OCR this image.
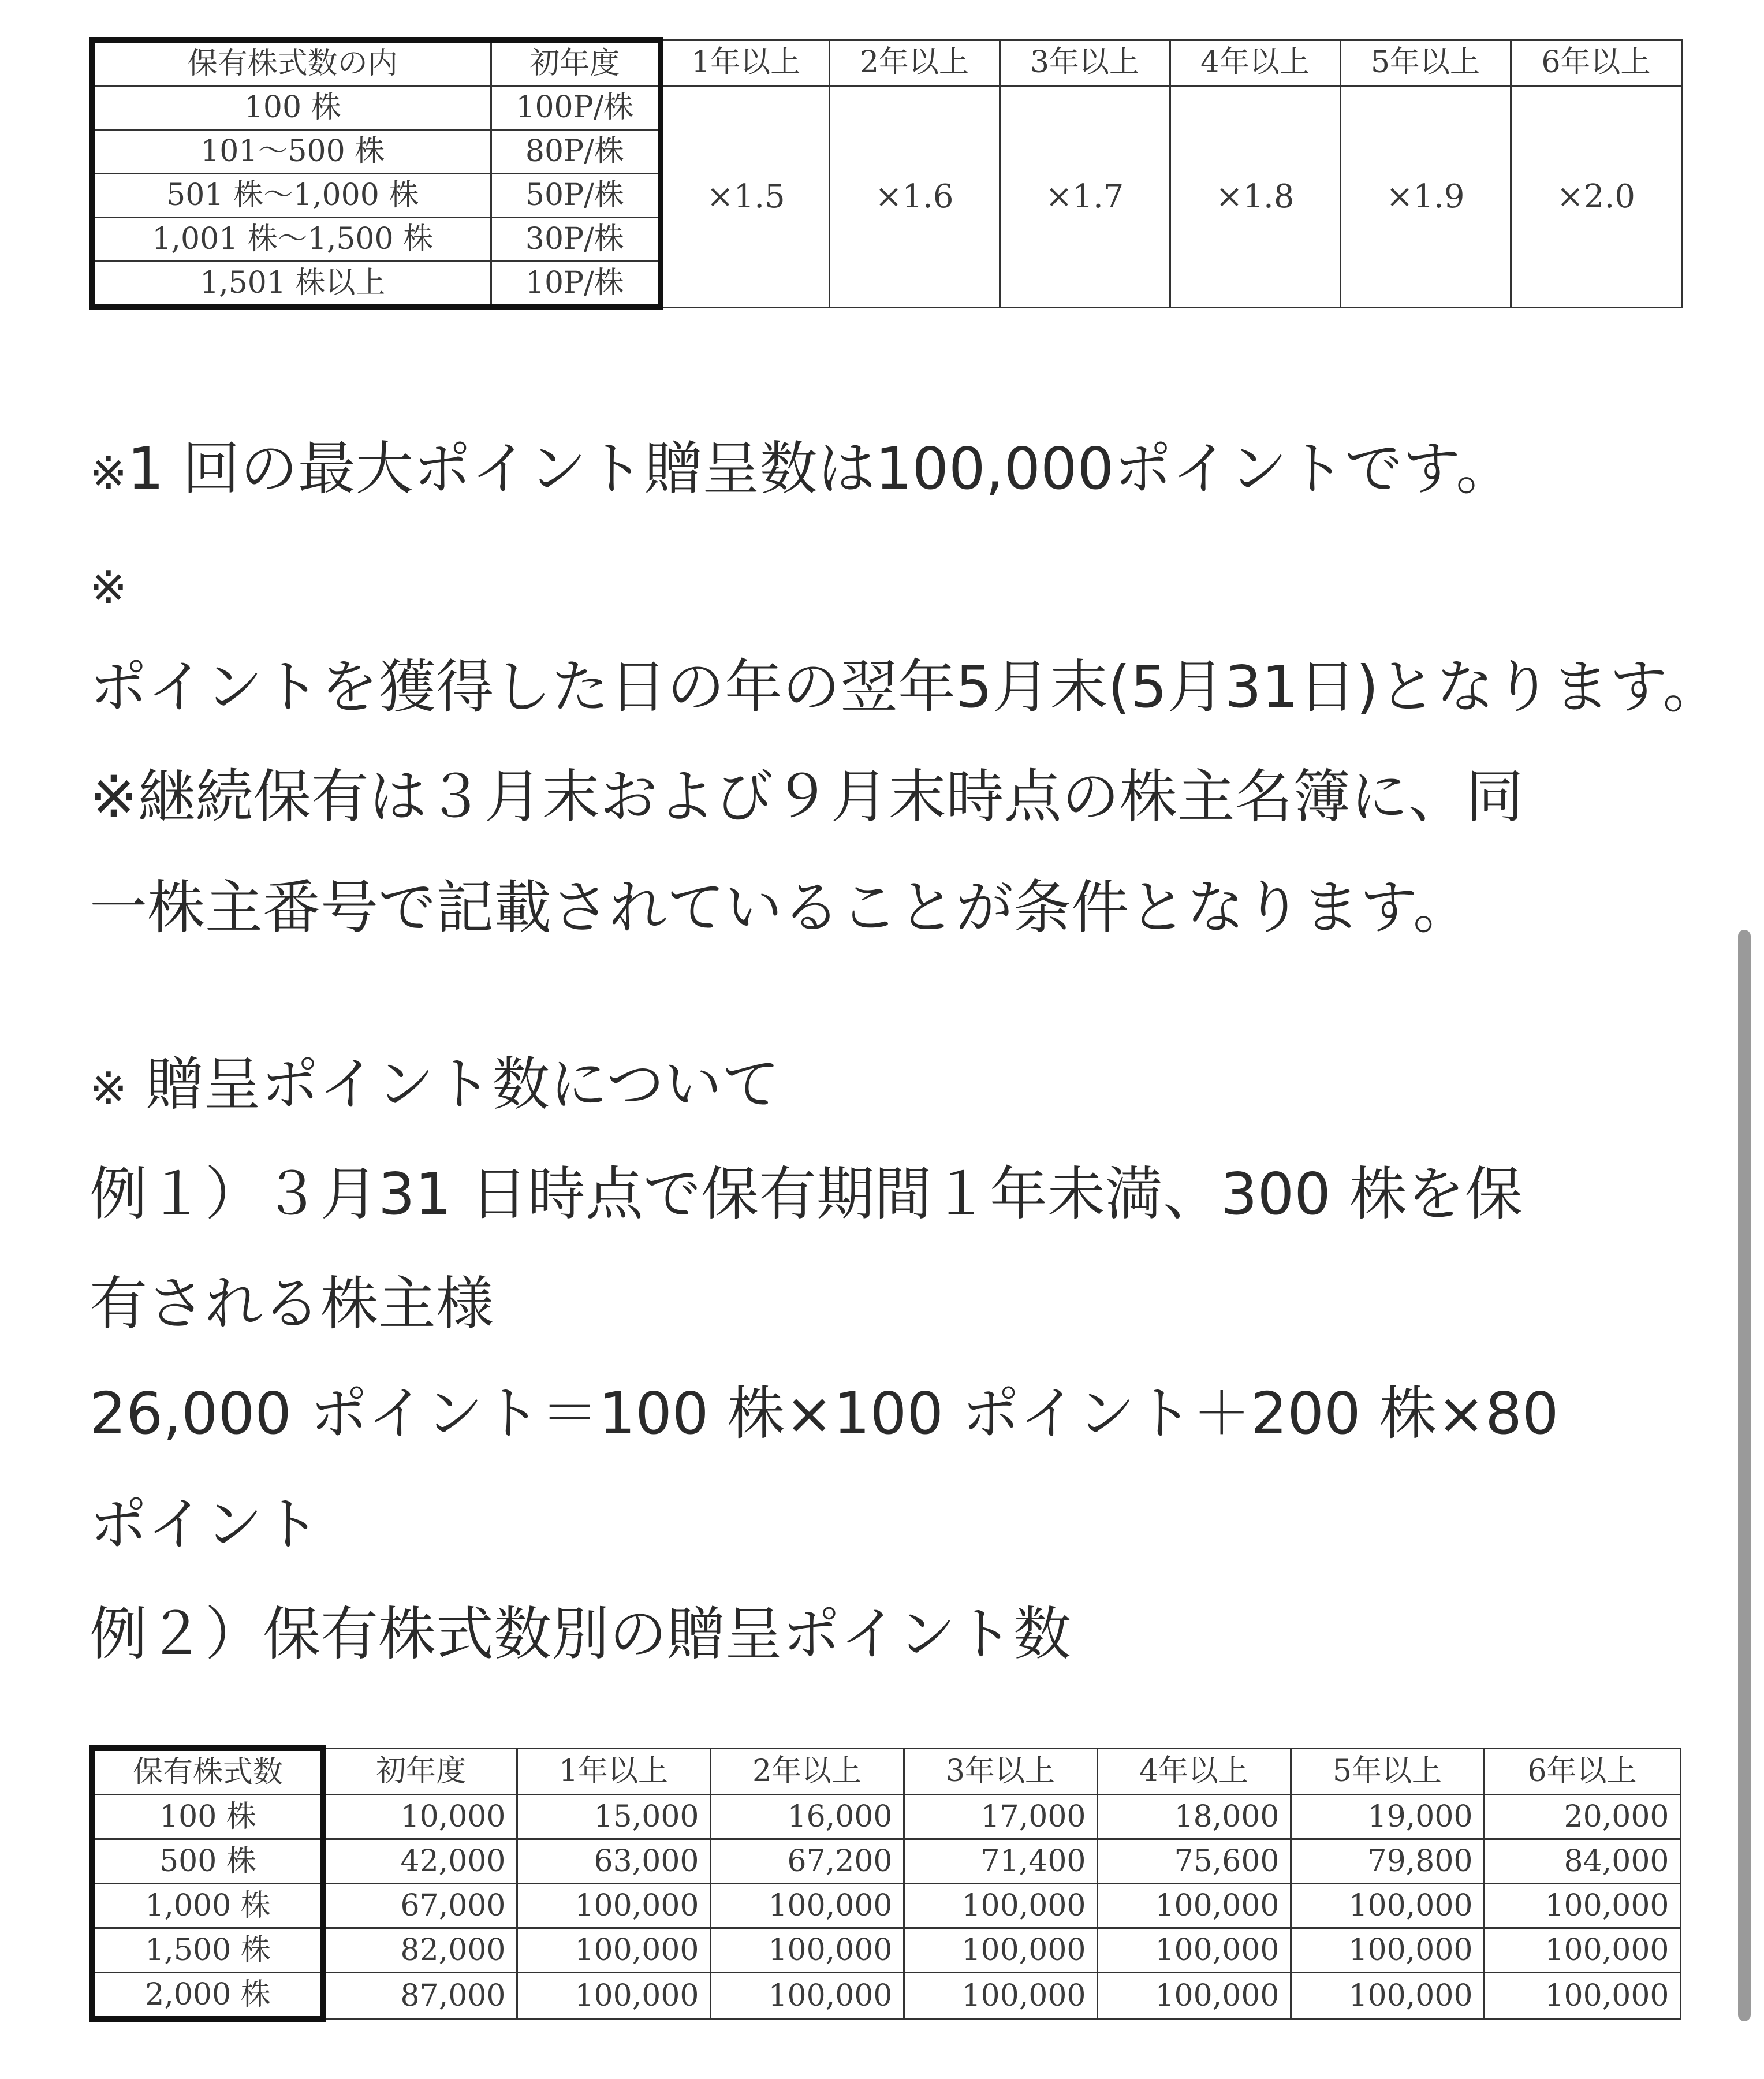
保有株式数の内	初年度	1年以上	2年以上	3年以上	4年以上	5年以上	6年以上
100 株	100P/株	×1.5	×1.6	×1.7	×1.8	×1.9	×2.0
101～500 株	80P/株						
501 株～1,000 株	50P/株						
1,001 株～1,500 株	30P/株						
1,501 株以上	10P/株						
※1 回の最大ポイント贈呈数は100,000ポイントです。
※
ポイントを獲得した日の年の翌年5月末(5月31日)となります。
※継続保有は３月末および９月末時点の株主名簿に、同
一株主番号で記載されていることが条件となります。
※ 贈呈ポイント数について
例１）３月31 日時点で保有期間１年未満、300 株を保
有される株主様
26,000 ポイント＝100 株×100 ポイント＋200 株×80
ポイント
例２）保有株式数別の贈呈ポイント数
保有株式数	初年度	1年以上	2年以上	3年以上	4年以上	5年以上	6年以上
100 株	10,000	15,000	16,000	17,000	18,000	19,000	20,000
500 株	42,000	63,000	67,200	71,400	75,600	79,800	84,000
1,000 株	67,000	100,000	100,000	100,000	100,000	100,000	100,000
1,500 株	82,000	100,000	100,000	100,000	100,000	100,000	100,000
2,000 株	87,000	100,000	100,000	100,000	100,000	100,000	100,000
